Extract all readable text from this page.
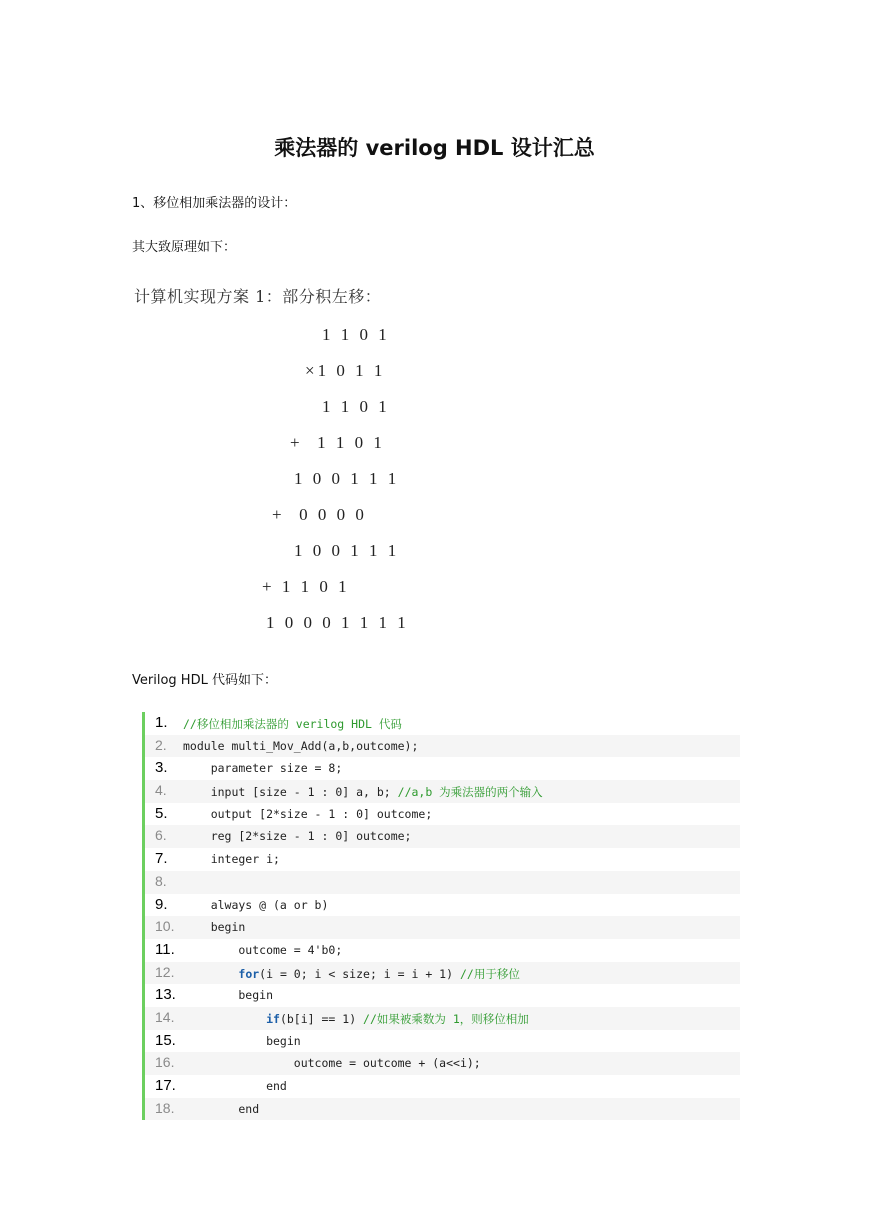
乘法器的 verilog HDL 设计汇总
1、移位相加乘法器的设计：
其大致原理如下：
计算机实现方案 1：部分积左移：
1 1 0 1
×1 0 1 1
1 1 0 1
+  1 1 0 1
1 0 0 1 1 1
+  0 0 0 0
1 0 0 1 1 1
+ 1 1 0 1
1 0 0 0 1 1 1 1
Verilog HDL 代码如下：
1.	//移位相加乘法器的 verilog HDL 代码
2.	module multi_Mov_Add(a,b,outcome);
3.	parameter size = 8;
4.	input [size - 1 : 0] a, b; //a,b 为乘法器的两个输入
5.	output [2*size - 1 : 0] outcome;
6.	reg [2*size - 1 : 0] outcome;
7.	integer i;
8.
9.	always @ (a or b)
10. begin
11. outcome = 4'b0;
12.	for(i = 0; i < size; i = i + 1) //用于移位
13. begin
14.	if(b[i] == 1) //如果被乘数为 1，则移位相加
15. begin
16. outcome = outcome + (a<<i);
17. end
18. end
